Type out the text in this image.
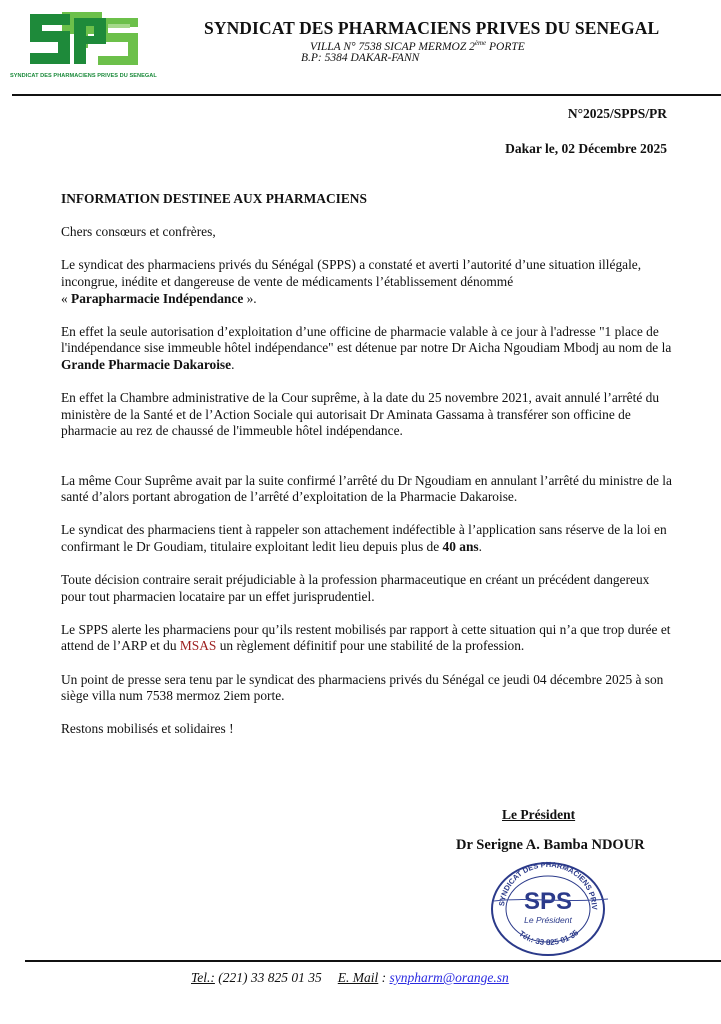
SYNDICAT DES PHARMACIENS PRIVES DU SENEGAL
SYNDICAT DES PHARMACIENS PRIVES DU SENEGAL
VILLA N° 7538 SICAP MERMOZ 2ème PORTE
B.P: 5384 DAKAR-FANN
N°2025/SPPS/PR
Dakar le, 02 Décembre 2025

INFORMATION DESTINEE AUX PHARMACIENS

Chers consœurs et confrères,

Le syndicat des pharmaciens privés du Sénégal (SPPS) a constaté et averti l’autorité d’une situation illégale, incongrue, inédite et dangereuse de vente de médicaments l’établissement dénommé
« Parapharmacie Indépendance ».

En effet la seule autorisation d’exploitation d’une officine de pharmacie valable à ce jour à l'adresse "1 place de l'indépendance sise immeuble hôtel indépendance" est détenue par notre Dr Aicha Ngoudiam Mbodj au nom de la Grande Pharmacie Dakaroise.

En effet la Chambre administrative de la Cour suprême, à la date du 25 novembre 2021, avait annulé l’arrêté du ministère de la Santé et de l’Action Sociale qui autorisait Dr Aminata Gassama à transférer son officine de pharmacie au rez de chaussé de l'immeuble hôtel indépendance.

La même Cour Suprême avait par la suite confirmé l’arrêté du Dr Ngoudiam en annulant l’arrêté du ministre de la santé d’alors portant abrogation de l’arrêté d’exploitation de la Pharmacie Dakaroise.

Le syndicat des pharmaciens tient à rappeler son attachement indéfectible à l’application sans réserve de la loi en confirmant le Dr Goudiam, titulaire exploitant ledit lieu depuis plus de 40 ans.

Toute décision contraire serait préjudiciable à la profession pharmaceutique en créant un précédent dangereux pour tout pharmacien locataire par un effet jurisprudentiel.

Le SPPS alerte les pharmaciens pour qu’ils restent mobilisés par rapport à cette situation qui n’a que trop durée et attend de l’ARP et du MSAS un règlement définitif pour une stabilité de la profession.

Un point de presse sera tenu par le syndicat des pharmaciens privés du Sénégal ce jeudi 04 décembre 2025 à son siège villa num 7538 mermoz 2iem porte.

Restons mobilisés et solidaires !

Le Président
Dr Serigne A. Bamba NDOUR
SYNDICAT DES PHARMACIENS PRIV
SPS
Le Président
Tél.: 33 825 01 35
Tel.: (221) 33 825 01 35 E. Mail : synpharm@orange.sn
